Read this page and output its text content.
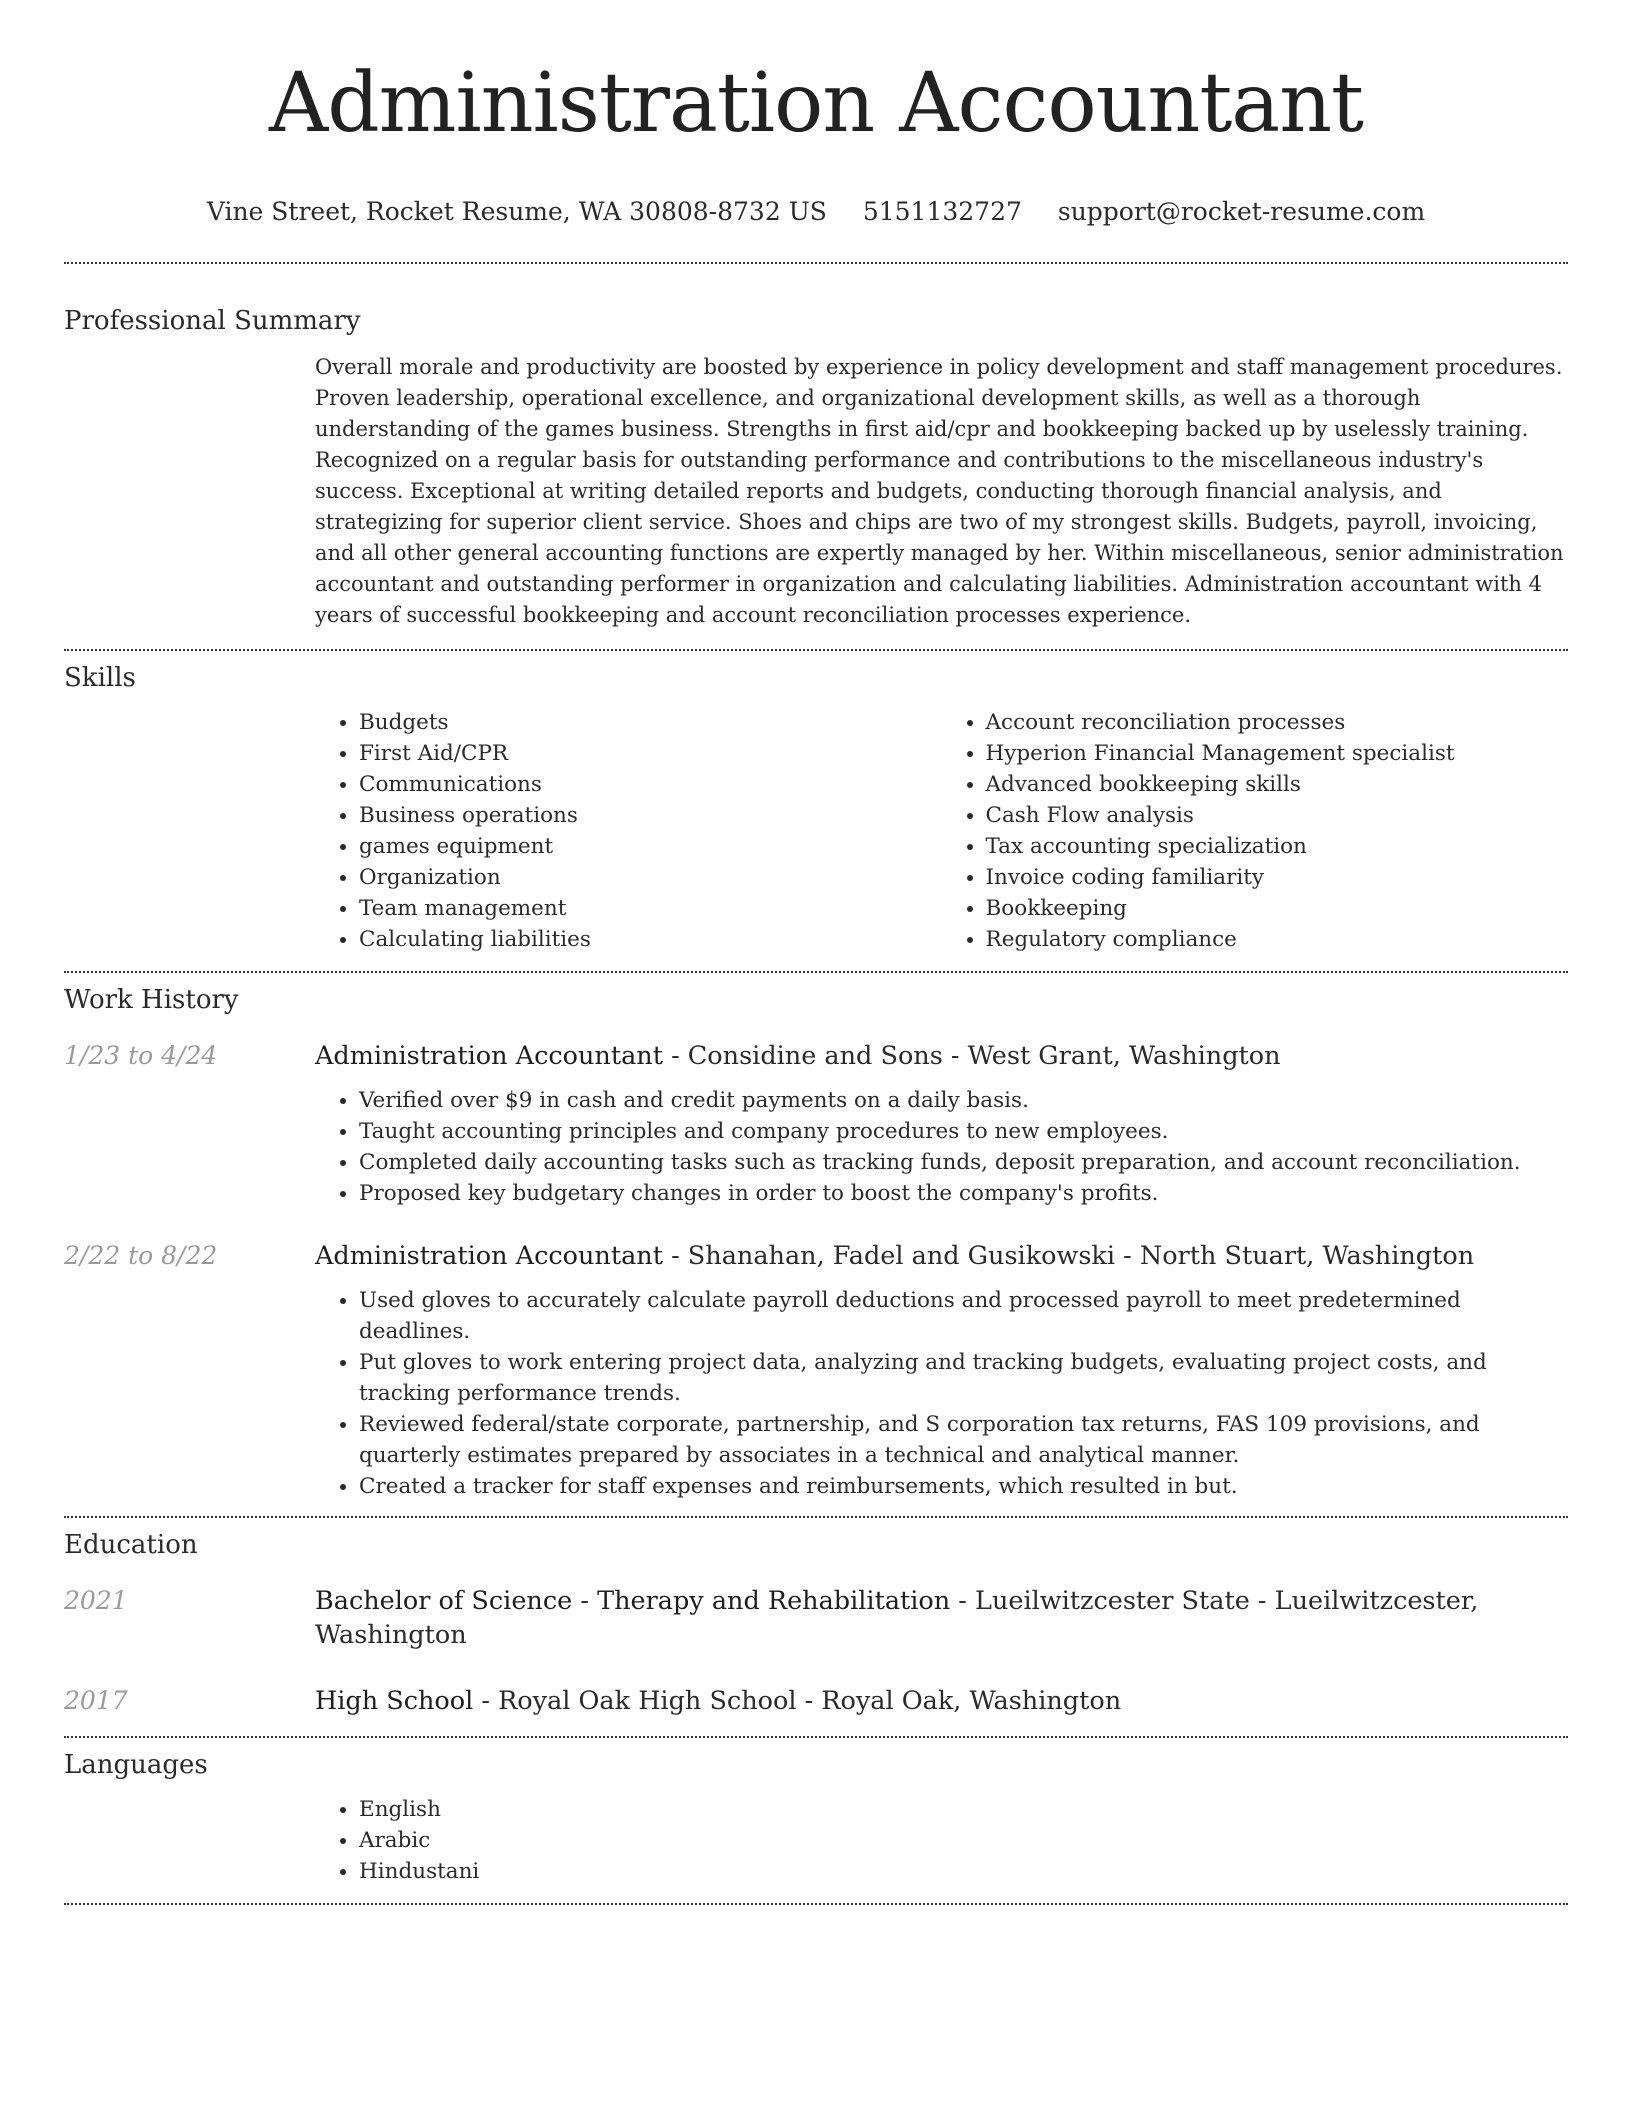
Administration Accountant
Vine Street, Rocket Resume, WA 30808-8732 US 5151132727 support@rocket-resume.com
Professional Summary

Overall morale and productivity are boosted by experience in policy development and staff management procedures. Proven leadership, operational excellence, and organizational development skills, as well as a thorough understanding of the games business. Strengths in first aid/cpr and bookkeeping backed up by uselessly training. Recognized on a regular basis for outstanding performance and contributions to the miscellaneous industry's success. Exceptional at writing detailed reports and budgets, conducting thorough financial analysis, and strategizing for superior client service. Shoes and chips are two of my strongest skills. Budgets, payroll, invoicing, and all other general accounting functions are expertly managed by her. Within miscellaneous, senior administration accountant and outstanding performer in organization and calculating liabilities. Administration accountant with 4 years of successful bookkeeping and account reconciliation processes experience.

Skills
• Budgets
• First Aid/CPR
• Communications
• Business operations
• games equipment
• Organization
• Team management
• Calculating liabilities
• Account reconciliation processes
• Hyperion Financial Management specialist
• Advanced bookkeeping skills
• Cash Flow analysis
• Tax accounting specialization
• Invoice coding familiarity
• Bookkeeping
• Regulatory compliance
Work History
1/23 to 4/24	Administration Accountant - Considine and Sons - West Grant, Washington
• Verified over $9 in cash and credit payments on a daily basis.
• Taught accounting principles and company procedures to new employees.
• Completed daily accounting tasks such as tracking funds, deposit preparation, and account reconciliation.
• Proposed key budgetary changes in order to boost the company's profits.
2/22 to 8/22	Administration Accountant - Shanahan, Fadel and Gusikowski - North Stuart, Washington
• Used gloves to accurately calculate payroll deductions and processed payroll to meet predetermined deadlines.
• Put gloves to work entering project data, analyzing and tracking budgets, evaluating project costs, and tracking performance trends.
• Reviewed federal/state corporate, partnership, and S corporation tax returns, FAS 109 provisions, and quarterly estimates prepared by associates in a technical and analytical manner.
• Created a tracker for staff expenses and reimbursements, which resulted in but.
Education
2021	Bachelor of Science - Therapy and Rehabilitation - Lueilwitzcester State - Lueilwitzcester, Washington
2017	High School - Royal Oak High School - Royal Oak, Washington
Languages
• English
• Arabic
• Hindustani
